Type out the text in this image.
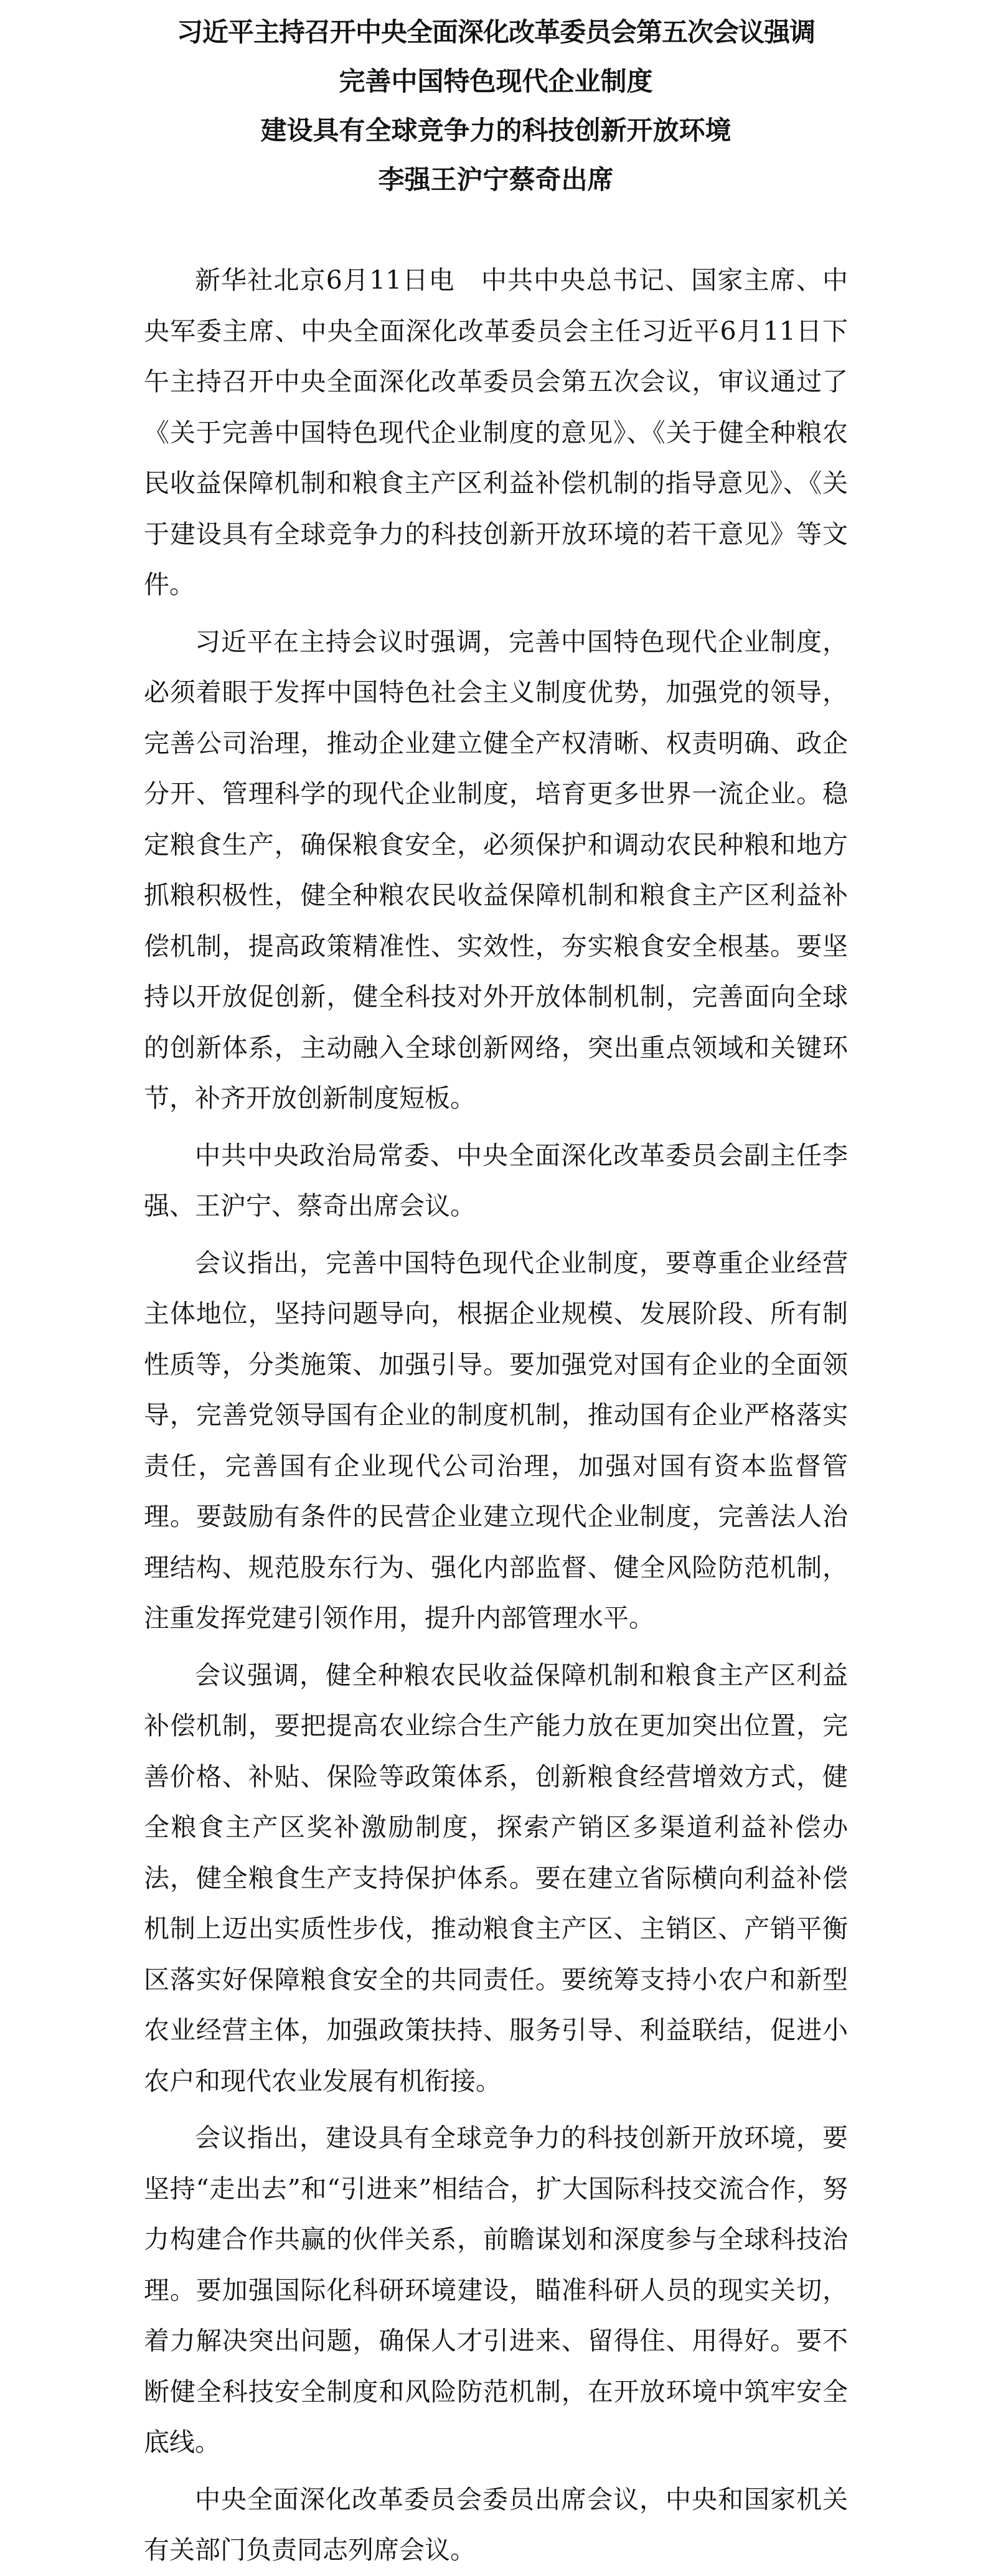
习近平主持召开中央全面深化改革委员会第五次会议强调
完善中国特色现代企业制度
建设具有全球竞争力的科技创新开放环境
李强王沪宁蔡奇出席

新华社北京6月11日电　中共中央总书记、国家主席、中央军委主席、中央全面深化改革委员会主任习近平6月11日下午主持召开中央全面深化改革委员会第五次会议，审议通过了《关于完善中国特色现代企业制度的意见》、《关于健全种粮农民收益保障机制和粮食主产区利益补偿机制的指导意见》、《关于建设具有全球竞争力的科技创新开放环境的若干意见》等文件。

习近平在主持会议时强调，完善中国特色现代企业制度，必须着眼于发挥中国特色社会主义制度优势，加强党的领导，完善公司治理，推动企业建立健全产权清晰、权责明确、政企分开、管理科学的现代企业制度，培育更多世界一流企业。稳定粮食生产，确保粮食安全，必须保护和调动农民种粮和地方抓粮积极性，健全种粮农民收益保障机制和粮食主产区利益补偿机制，提高政策精准性、实效性，夯实粮食安全根基。要坚持以开放促创新，健全科技对外开放体制机制，完善面向全球的创新体系，主动融入全球创新网络，突出重点领域和关键环节，补齐开放创新制度短板。

中共中央政治局常委、中央全面深化改革委员会副主任李强、王沪宁、蔡奇出席会议。

会议指出，完善中国特色现代企业制度，要尊重企业经营主体地位，坚持问题导向，根据企业规模、发展阶段、所有制性质等，分类施策、加强引导。要加强党对国有企业的全面领导，完善党领导国有企业的制度机制，推动国有企业严格落实责任，完善国有企业现代公司治理，加强对国有资本监督管理。要鼓励有条件的民营企业建立现代企业制度，完善法人治理结构、规范股东行为、强化内部监督、健全风险防范机制，注重发挥党建引领作用，提升内部管理水平。

会议强调，健全种粮农民收益保障机制和粮食主产区利益补偿机制，要把提高农业综合生产能力放在更加突出位置，完善价格、补贴、保险等政策体系，创新粮食经营增效方式，健全粮食主产区奖补激励制度，探索产销区多渠道利益补偿办法，健全粮食生产支持保护体系。要在建立省际横向利益补偿机制上迈出实质性步伐，推动粮食主产区、主销区、产销平衡区落实好保障粮食安全的共同责任。要统筹支持小农户和新型农业经营主体，加强政策扶持、服务引导、利益联结，促进小农户和现代农业发展有机衔接。

会议指出，建设具有全球竞争力的科技创新开放环境，要坚持“走出去”和“引进来”相结合，扩大国际科技交流合作，努力构建合作共赢的伙伴关系，前瞻谋划和深度参与全球科技治理。要加强国际化科研环境建设，瞄准科研人员的现实关切，着力解决突出问题，确保人才引进来、留得住、用得好。要不断健全科技安全制度和风险防范机制，在开放环境中筑牢安全底线。

中央全面深化改革委员会委员出席会议，中央和国家机关有关部门负责同志列席会议。
